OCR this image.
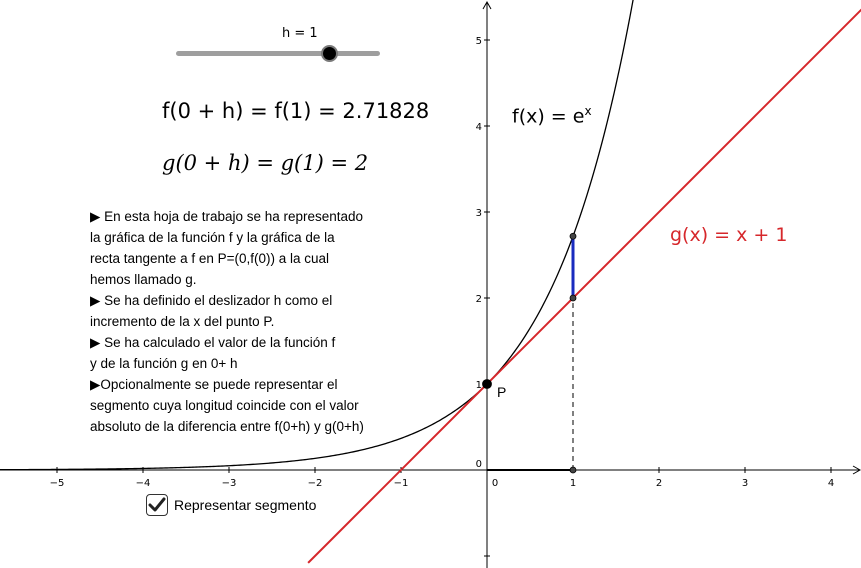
−5	−4	−3	−2	−1	0	1	2	3	4
0
1
2
3
4
5
h = 1
f(0 + h) = f(1) = 2.71828
g(0 + h) = g(1) = 2

▶ En esta hoja de trabajo se ha representado

la gráfica de la función f y la gráfica de la

recta tangente a f en P=(0,f(0)) a la cual

hemos llamado g.

▶ Se ha definido el deslizador h como el

incremento de la x del punto P.

▶ Se ha calculado el valor de la función f

y de la función g en 0+ h

▶Opcionalmente se puede representar el

segmento cuya longitud coincide con el valor

absoluto de la diferencia entre f(0+h) y g(0+h)

Representar segmento
$f(x) = e^x$
g(x) = x + 1
P
